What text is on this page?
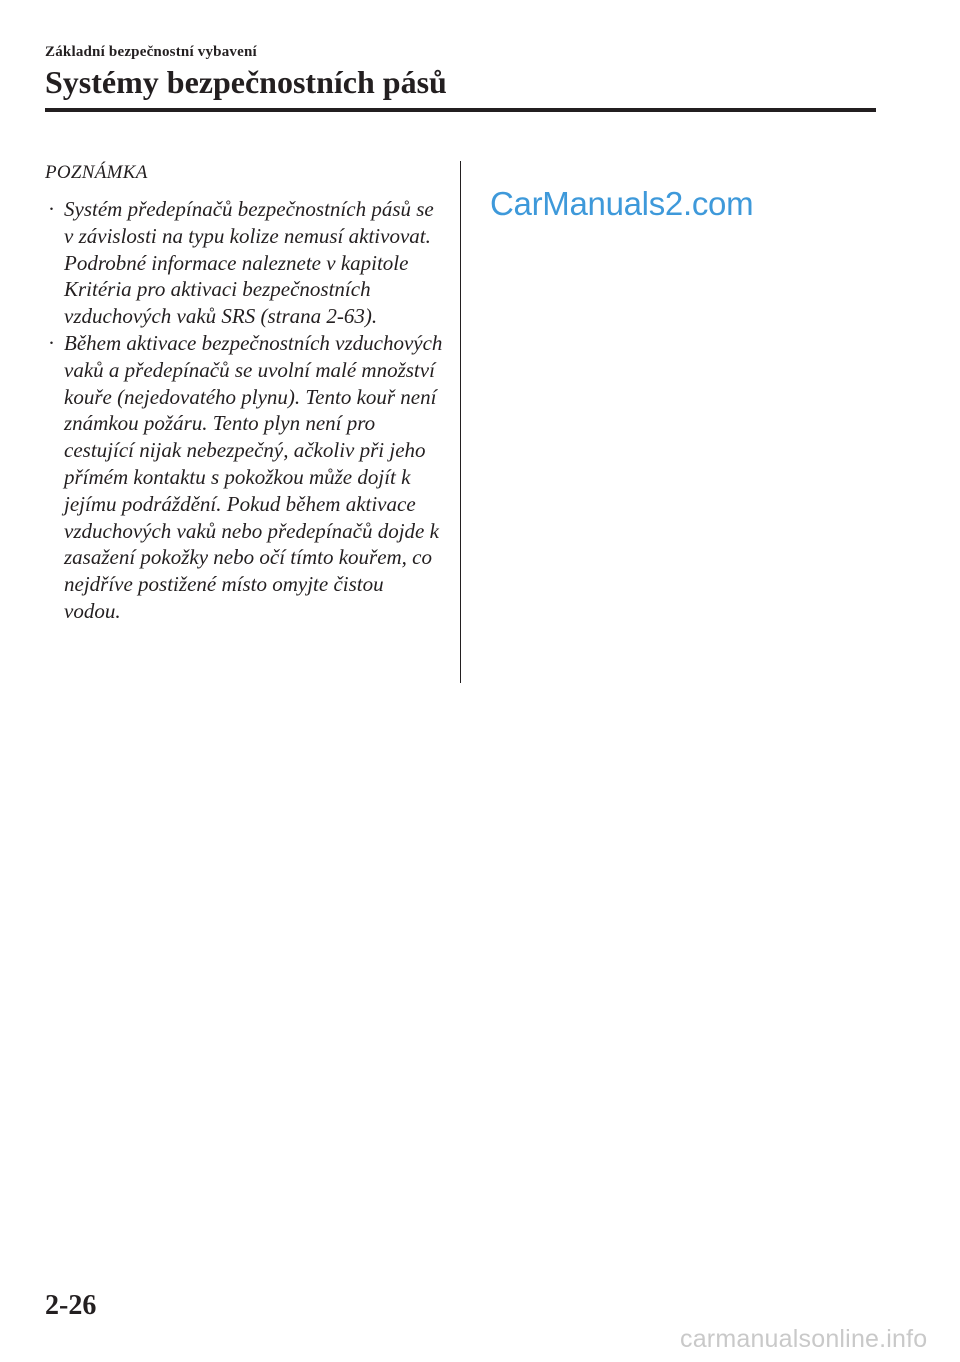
Základní bezpečnostní vybavení
Systémy bezpečnostních pásů
POZNÁMKA
· Systém předepínačů bezpečnostních pásů se v závislosti na typu kolize nemusí aktivovat. Podrobné informace naleznete v kapitole Kritéria pro aktivaci bezpečnostních vzduchových vaků SRS (strana 2-63).
· Během aktivace bezpečnostních vzduchových vaků a předepínačů se uvolní malé množství kouře (nejedovatého plynu). Tento kouř není známkou požáru. Tento plyn není pro cestující nijak nebezpečný, ačkoliv při jeho přímém kontaktu s pokožkou může dojít k jejímu podráždění. Pokud během aktivace vzduchových vaků nebo předepínačů dojde k zasažení pokožky nebo očí tímto kouřem, co nejdříve postižené místo omyjte čistou vodou.
CarManuals2.com
2-26
carmanualsonline.info
